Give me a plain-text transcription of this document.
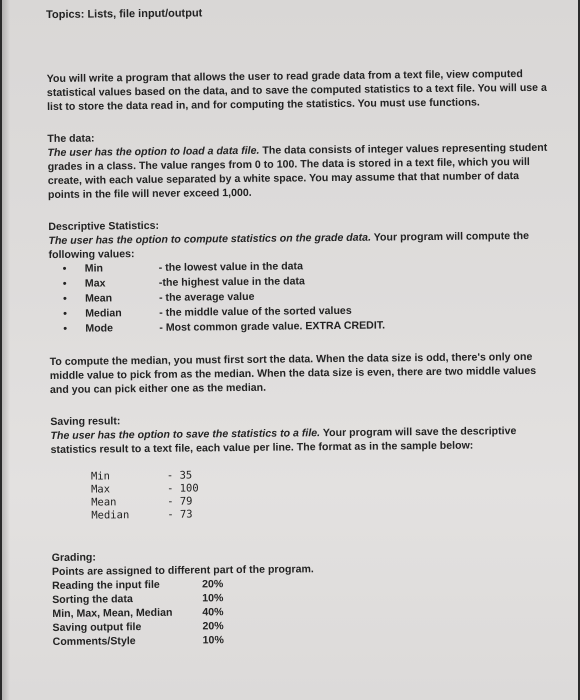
Topics: Lists, file input/output
You will write a program that allows the user to read grade data from a text file, view computed statistical values based on the data, and to save the computed statistics to a text file. You will use a list to store the data read in, and for computing the statistics. You must use functions.

The data:

The user has the option to load a data file. The data consists of integer values representing student grades in a class. The value ranges from 0 to 100. The data is stored in a text file, which you will create, with each value separated by a white space. You may assume that that number of data points in the file will never exceed 1,000.

Descriptive Statistics:

The user has the option to compute statistics on the grade data. Your program will compute the following values:

• Min	- the lowest value in the data
• Max	-the highest value in the data
• Mean	- the average value
• Median	- the middle value of the sorted values
• Mode	- Most common grade value. EXTRA CREDIT.
To compute the median, you must first sort the data. When the data size is odd, there's only one middle value to pick from as the median. When the data size is even, there are two middle values and you can pick either one as the median.

Saving result:

The user has the option to save the statistics to a file. Your program will save the descriptive statistics result to a text file, each value per line. The format as in the sample below:

Min	- 35
Max	- 100
Mean	- 79
Median	- 73

Grading:

Points are assigned to different part of the program.

Reading the input file	20%
Sorting the data	10%
Min, Max, Mean, Median	40%
Saving output file	20%
Comments/Style	10%
